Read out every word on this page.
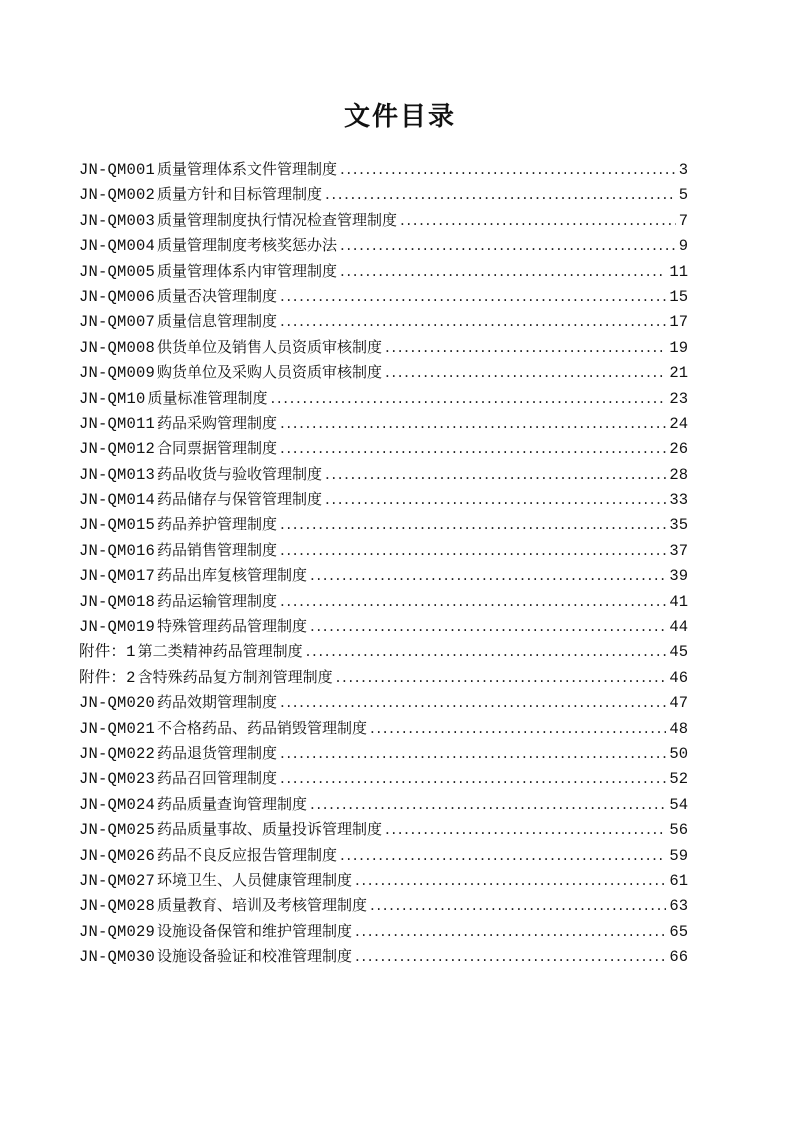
文件目录
JN-QM001 质量管理体系文件管理制度 .....	3
JN-QM002 质量方针和目标管理制度 .....	5
JN-QM003 质量管理制度执行情况检查管理制度 .....	7
JN-QM004 质量管理制度考核奖惩办法 .....	9
JN-QM005 质量管理体系内审管理制度 .....	11
JN-QM006 质量否决管理制度 .....	15
JN-QM007 质量信息管理制度 .....	17
JN-QM008 供货单位及销售人员资质审核制度 .....	19
JN-QM009 购货单位及采购人员资质审核制度 .....	21
JN-QM10 质量标准管理制度 .....	23
JN-QM011 药品采购管理制度 .....	24
JN-QM012 合同票据管理制度 .....	26
JN-QM013 药品收货与验收管理制度 .....	28
JN-QM014 药品储存与保管管理制度 .....	33
JN-QM015 药品养护管理制度 .....	35
JN-QM016 药品销售管理制度 .....	37
JN-QM017 药品出库复核管理制度 .....	39
JN-QM018 药品运输管理制度 .....	41
JN-QM019 特殊管理药品管理制度 .....	44
附件：1 第二类精神药品管理制度 .....	45
附件：2 含特殊药品复方制剂管理制度 .....	46
JN-QM020 药品效期管理制度 .....	47
JN-QM021 不合格药品、药品销毁管理制度 .....	48
JN-QM022 药品退货管理制度 .....	50
JN-QM023 药品召回管理制度 .....	52
JN-QM024 药品质量查询管理制度 .....	54
JN-QM025 药品质量事故、质量投诉管理制度 .....	56
JN-QM026 药品不良反应报告管理制度 .....	59
JN-QM027 环境卫生、人员健康管理制度 .....	61
JN-QM028 质量教育、培训及考核管理制度 .....	63
JN-QM029 设施设备保管和维护管理制度 .....	65
JN-QM030 设施设备验证和校准管理制度 .....	66
